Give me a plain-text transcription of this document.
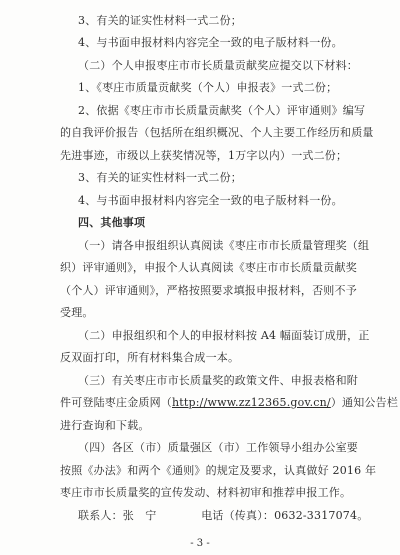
3、有关的证实性材料一式二份；
4、与书面申报材料内容完全一致的电子版材料一份。
（二）个人申报枣庄市市长质量贡献奖应提交以下材料：
1、《枣庄市质量贡献奖（个人）申报表》一式二份；
2、依据《枣庄市市长质量贡献奖（个人）评审通则》编写
的自我评价报告（包括所在组织概况、个人主要工作经历和质量
先进事迹，市级以上获奖情况等，1万字以内）一式二份；
3、有关的证实性材料一式二份；
4、与书面申报材料内容完全一致的电子版材料一份。
四、其他事项
（一）请各申报组织认真阅读《枣庄市市长质量管理奖（组
织）评审通则》，申报个人认真阅读《枣庄市市长质量贡献奖
（个人）评审通则》，严格按照要求填报申报材料，否则不予
受理。
（二）申报组织和个人的申报材料按 A4 幅面装订成册，正
反双面打印，所有材料集合成一本。
（三）有关枣庄市市长质量奖的政策文件、申报表格和附
件可登陆枣庄金质网（http://www.zz12365.gov.cn/）通知公告栏
进行查询和下载。
（四）各区（市）质量强区（市）工作领导小组办公室要
按照《办法》和两个《通则》的规定及要求，认真做好 2016 年
枣庄市市长质量奖的宣传发动、材料初审和推荐申报工作。
联系人：张　宁　　　　电话（传真）：0632-3317074。
- 3 -
